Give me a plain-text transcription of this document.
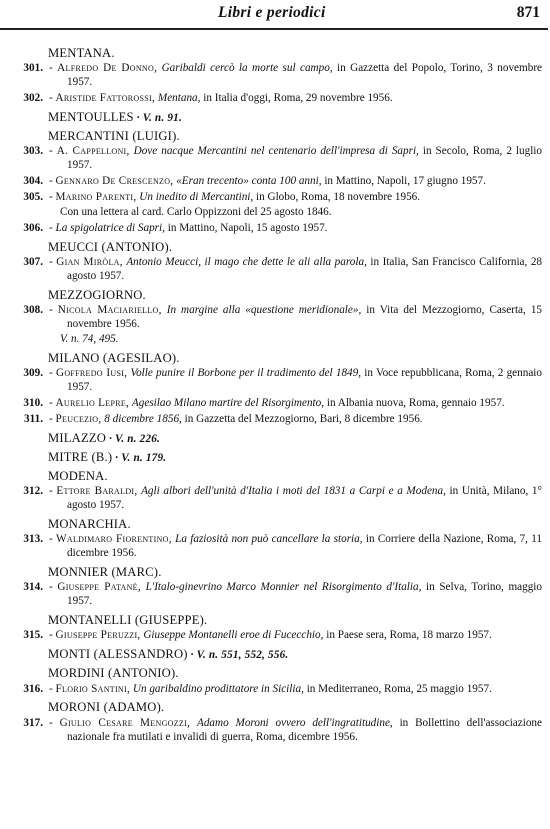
Libri e periodici	871
MENTANA.
301. - Alfredo De Donno, Garibaldi cercò la morte sul campo, in Gazzetta del Popolo, Torino, 3 novembre 1957.
302. - Aristide Fattorossi, Mentana, in Italia d'oggi, Roma, 29 novembre 1956.
MENTOULLES · V. n. 91.
MERCANTINI (LUIGI).
303. - A. Cappelloni, Dove nacque Mercantini nel centenario dell'impresa di Sapri, in Secolo, Roma, 2 luglio 1957.
304. - Gennaro De Crescenzo, «Eran trecento» conta 100 anni, in Mattino, Napoli, 17 giugno 1957.
305. - Marino Parenti, Un inedito di Mercantini, in Globo, Roma, 18 novembre 1956.
Con una lettera al card. Carlo Oppizzoni del 25 agosto 1846.
306. - La spigolatrice di Sapri, in Mattino, Napoli, 15 agosto 1957.
MEUCCI (ANTONIO).
307. - Gian Miròla, Antonio Meucci, il mago che dette le ali alla parola, in Italia, San Francisco California, 28 agosto 1957.
MEZZOGIORNO.
308. - Nicola Maciariello, In margine alla «questione meridionale», in Vita del Mezzogiorno, Caserta, 15 novembre 1956.
V. n. 74, 495.
MILANO (AGESILAO).
309. - Goffredo Iusi, Volle punire il Borbone per il tradimento del 1849, in Voce repubblicana, Roma, 2 gennaio 1957.
310. - Aurelio Lepre, Agesilao Milano martire del Risorgimento, in Albania nuova, Roma, gennaio 1957.
311. - Peucezio, 8 dicembre 1856, in Gazzetta del Mezzogiorno, Bari, 8 dicembre 1956.
MILAZZO · V. n. 226.
MITRE (B.) · V. n. 179.
MODENA.
312. - Ettore Baraldi, Agli albori dell'unità d'Italia i moti del 1831 a Carpi e a Modena, in Unità, Milano, 1° agosto 1957.
MONARCHIA.
313. - Waldimaro Fiorentino, La faziosità non può cancellare la storia, in Corriere della Nazione, Roma, 7, 11 dicembre 1956.
MONNIER (MARC).
314. - Giuseppe Patanè, L'Italo-ginevrino Marco Monnier nel Risorgimento d'Italia, in Selva, Torino, maggio 1957.
MONTANELLI (GIUSEPPE).
315. - Giuseppe Peruzzi, Giuseppe Montanelli eroe di Fucecchio, in Paese sera, Roma, 18 marzo 1957.
MONTI (ALESSANDRO) · V. n. 551, 552, 556.
MORDINI (ANTONIO).
316. - Florio Santini, Un garibaldino prodittatore in Sicilia, in Mediterraneo, Roma, 25 maggio 1957.
MORONI (ADAMO).
317. - Giulio Cesare Mengozzi, Adamo Moroni ovvero dell'ingratitudine, in Bollettino dell'associazione nazionale fra mutilati e invalidi di guerra, Roma, dicembre 1956.
